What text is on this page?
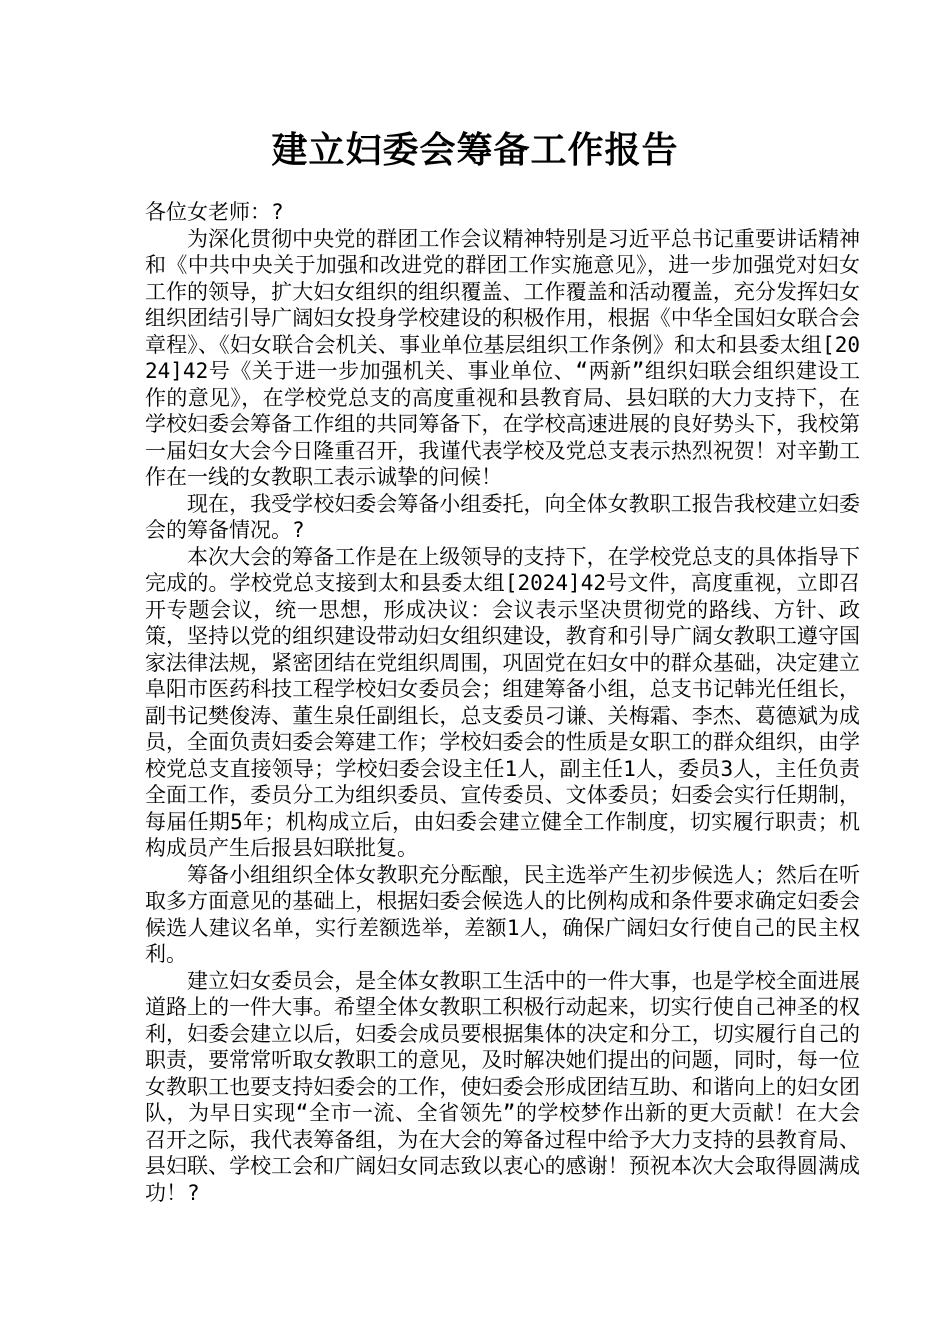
建立妇委会筹备工作报告

各位女老师：?

为深化贯彻中央党的群团工作会议精神特别是习近平总书记重要讲话精神和《中共中央关于加强和改进党的群团工作实施意见》，进一步加强党对妇女工作的领导，扩大妇女组织的组织覆盖、工作覆盖和活动覆盖，充分发挥妇女组织团结引导广阔妇女投身学校建设的积极作用，根据《中华全国妇女联合会章程》、《妇女联合会机关、事业单位基层组织工作条例》和太和县委太组[2024]42号《关于进一步加强机关、事业单位、“两新”组织妇联会组织建设工作的意见》，在学校党总支的高度重视和县教育局、县妇联的大力支持下，在学校妇委会筹备工作组的共同筹备下，在学校高速进展的良好势头下，我校第一届妇女大会今日隆重召开，我谨代表学校及党总支表示热烈祝贺！对辛勤工作在一线的女教职工表示诚挚的问候！

现在，我受学校妇委会筹备小组委托，向全体女教职工报告我校建立妇委会的筹备情况。?

本次大会的筹备工作是在上级领导的支持下，在学校党总支的具体指导下完成的。学校党总支接到太和县委太组[2024]42号文件，高度重视，立即召开专题会议，统一思想，形成决议：会议表示坚决贯彻党的路线、方针、政策，坚持以党的组织建设带动妇女组织建设，教育和引导广阔女教职工遵守国家法律法规，紧密团结在党组织周围，巩固党在妇女中的群众基础，决定建立阜阳市医药科技工程学校妇女委员会；组建筹备小组，总支书记韩光任组长，副书记樊俊涛、董生泉任副组长，总支委员刁谦、关梅霜、李杰、葛德斌为成员，全面负责妇委会筹建工作；学校妇委会的性质是女职工的群众组织，由学校党总支直接领导；学校妇委会设主任1人，副主任1人，委员3人，主任负责全面工作，委员分工为组织委员、宣传委员、文体委员；妇委会实行任期制，每届任期5年；机构成立后，由妇委会建立健全工作制度，切实履行职责；机构成员产生后报县妇联批复。

筹备小组组织全体女教职充分酝酿，民主选举产生初步候选人；然后在听取多方面意见的基础上，根据妇委会候选人的比例构成和条件要求确定妇委会候选人建议名单，实行差额选举，差额1人，确保广阔妇女行使自己的民主权利。

建立妇女委员会，是全体女教职工生活中的一件大事，也是学校全面进展道路上的一件大事。希望全体女教职工积极行动起来，切实行使自己神圣的权利，妇委会建立以后，妇委会成员要根据集体的决定和分工，切实履行自己的职责，要常常听取女教职工的意见，及时解决她们提出的问题，同时，每一位女教职工也要支持妇委会的工作，使妇委会形成团结互助、和谐向上的妇女团队，为早日实现“全市一流、全省领先”的学校梦作出新的更大贡献！在大会召开之际，我代表筹备组，为在大会的筹备过程中给予大力支持的县教育局、县妇联、学校工会和广阔妇女同志致以衷心的感谢！预祝本次大会取得圆满成功！?
